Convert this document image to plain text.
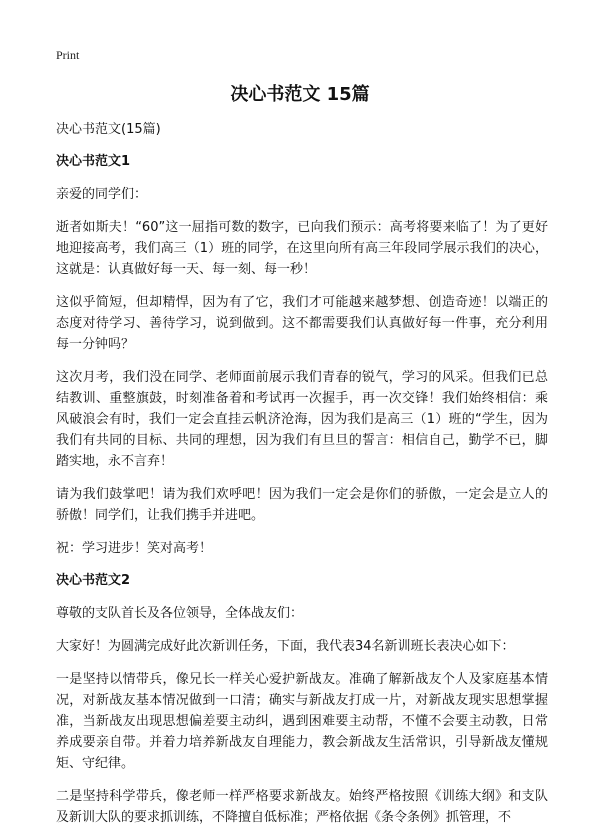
Print
决心书范文 15篇

决心书范文(15篇)

决心书范文1

亲爱的同学们：

逝者如斯夫！“60”这一屈指可数的数字，已向我们预示：高考将要来临了！为了更好地迎接高考，我们高三（1）班的同学，在这里向所有高三年段同学展示我们的决心，这就是：认真做好每一天、每一刻、每一秒！

这似乎简短，但却精悍，因为有了它，我们才可能越来越梦想、创造奇迹！以端正的态度对待学习、善待学习，说到做到。这不都需要我们认真做好每一件事，充分利用每一分钟吗？

这次月考，我们没在同学、老师面前展示我们青春的锐气，学习的风采。但我们已总结教训、重整旗鼓，时刻准备着和考试再一次握手，再一次交锋！我们始终相信：乘风破浪会有时，我们一定会直挂云帆济沧海，因为我们是高三（1）班的“学生，因为我们有共同的目标、共同的理想，因为我们有旦旦的誓言：相信自己，勤学不已，脚踏实地，永不言弃！

请为我们鼓掌吧！请为我们欢呼吧！因为我们一定会是你们的骄傲，一定会是立人的骄傲！同学们，让我们携手并进吧。

祝：学习进步！笑对高考！

决心书范文2

尊敬的支队首长及各位领导，全体战友们：

大家好！为圆满完成好此次新训任务，下面，我代表34名新训班长表决心如下：

一是坚持以情带兵，像兄长一样关心爱护新战友。准确了解新战友个人及家庭基本情况，对新战友基本情况做到一口清；确实与新战友打成一片，对新战友现实思想掌握准，当新战友出现思想偏差要主动纠，遇到困难要主动帮，不懂不会要主动教，日常养成要亲自带。并着力培养新战友自理能力，教会新战友生活常识，引导新战友懂规矩、守纪律。

二是坚持科学带兵，像老师一样严格要求新战友。始终严格按照《训练大纲》和支队及新训大队的要求抓训练，不降擅自低标准；严格依据《条令条例》抓管理，不
